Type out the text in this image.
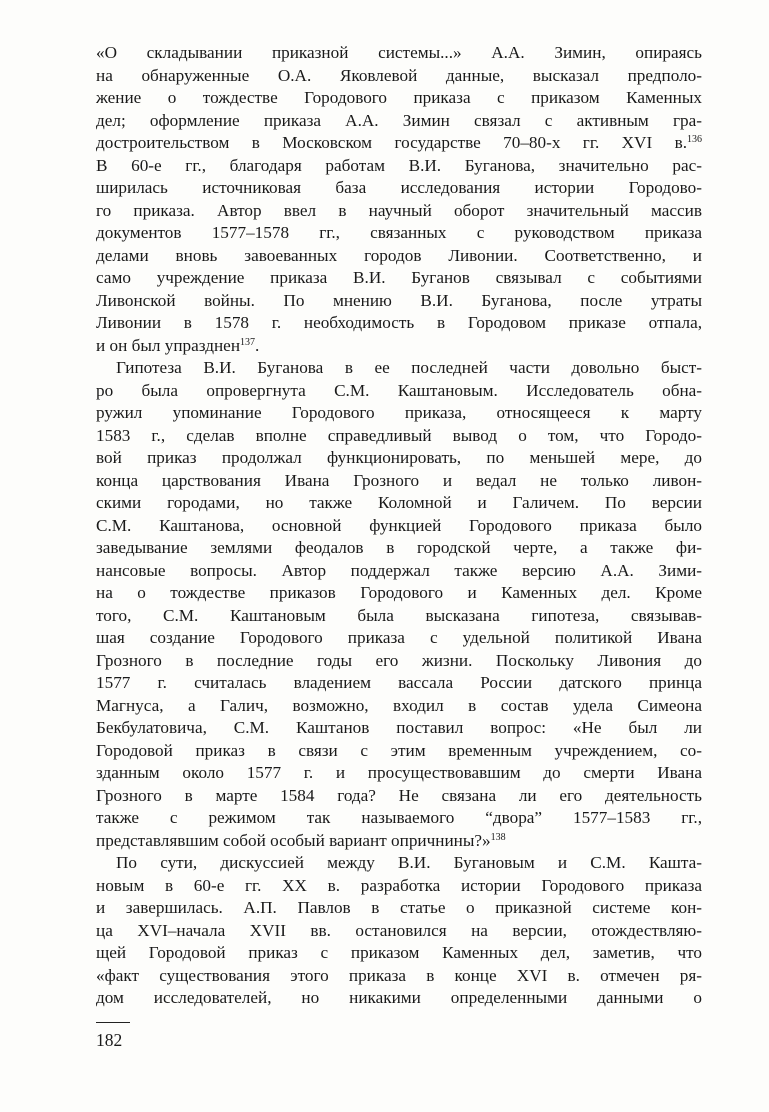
«О складывании приказной системы...» А.А. Зимин, опираясь
на обнаруженные О.А. Яковлевой данные, высказал предполо-
жение о тождестве Городового приказа с приказом Каменных
дел; оформление приказа А.А. Зимин связал с активным гра-
достроительством в Московском государстве 70–80-х гг. XVI в.$^{136}$
В 60-е гг., благодаря работам В.И. Буганова, значительно рас-
ширилась источниковая база исследования истории Городово-
го приказа. Автор ввел в научный оборот значительный массив
документов 1577–1578 гг., связанных с руководством приказа
делами вновь завоеванных городов Ливонии. Соответственно, и
само учреждение приказа В.И. Буганов связывал с событиями
Ливонской войны. По мнению В.И. Буганова, после утраты
Ливонии в 1578 г. необходимость в Городовом приказе отпала,
и он был упразднен$^{137}$.
Гипотеза В.И. Буганова в ее последней части довольно быст-
ро была опровергнута С.М. Каштановым. Исследователь обна-
ружил упоминание Городового приказа, относящееся к марту
1583 г., сделав вполне справедливый вывод о том, что Городо-
вой приказ продолжал функционировать, по меньшей мере, до
конца царствования Ивана Грозного и ведал не только ливон-
скими городами, но также Коломной и Галичем. По версии
С.М. Каштанова, основной функцией Городового приказа было
заведывание землями феодалов в городской черте, а также фи-
нансовые вопросы. Автор поддержал также версию А.А. Зими-
на о тождестве приказов Городового и Каменных дел. Кроме
того, С.М. Каштановым была высказана гипотеза, связывав-
шая создание Городового приказа с удельной политикой Ивана
Грозного в последние годы его жизни. Поскольку Ливония до
1577 г. считалась владением вассала России датского принца
Магнуса, а Галич, возможно, входил в состав удела Симеона
Бекбулатовича, С.М. Каштанов поставил вопрос: «Не был ли
Городовой приказ в связи с этим временным учреждением, со-
зданным около 1577 г. и просуществовавшим до смерти Ивана
Грозного в марте 1584 года? Не связана ли его деятельность
также с режимом так называемого “двора” 1577–1583 гг.,
представлявшим собой особый вариант опричнины?»$^{138}$
По сути, дискуссией между В.И. Бугановым и С.М. Кашта-
новым в 60-е гг. XX в. разработка истории Городового приказа
и завершилась. А.П. Павлов в статье о приказной системе кон-
ца XVI–начала XVII вв. остановился на версии, отождествляю-
щей Городовой приказ с приказом Каменных дел, заметив, что
«факт существования этого приказа в конце XVI в. отмечен ря-
дом исследователей, но никакими определенными данными о
182
